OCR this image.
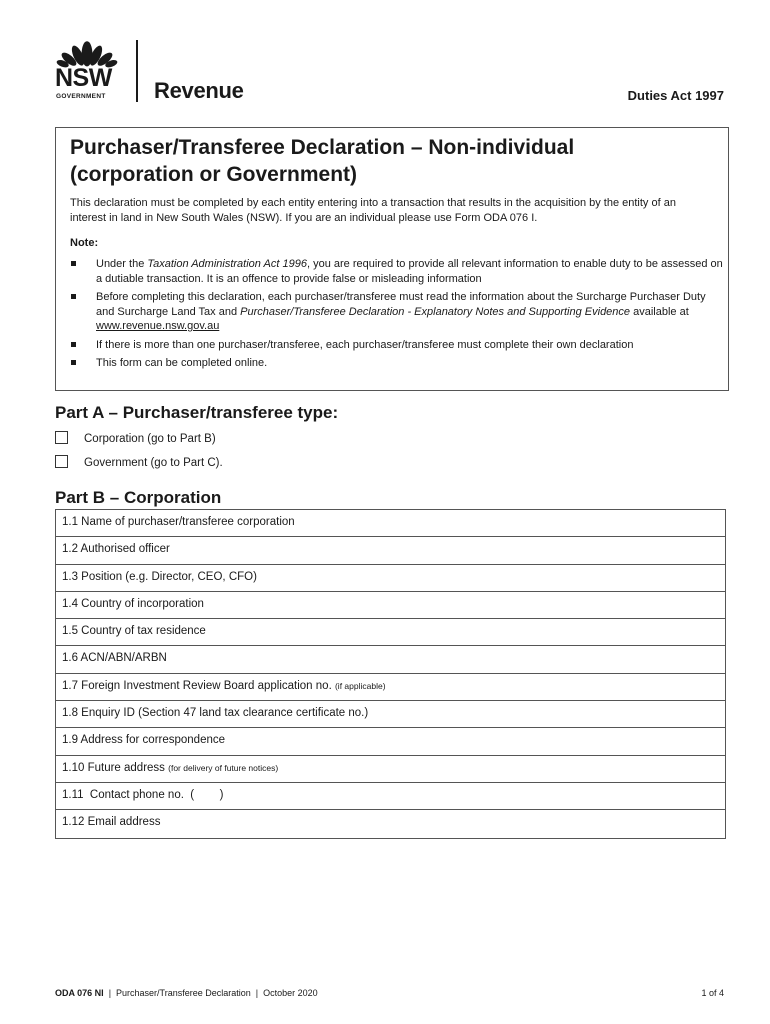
NSW
GOVERNMENT Revenue	Duties Act 1997
Purchaser/Transferee Declaration – Non-individual
(corporation or Government)
This declaration must be completed by each entity entering into a transaction that results in the acquisition by the entity of an interest in land in New South Wales (NSW). If you are an individual please use Form ODA 076 I.
Note:
Under the Taxation Administration Act 1996, you are required to provide all relevant information to enable duty to be assessed on a dutiable transaction. It is an offence to provide false or misleading information
Before completing this declaration, each purchaser/transferee must read the information about the Surcharge Purchaser Duty and Surcharge Land Tax and Purchaser/Transferee Declaration - Explanatory Notes and Supporting Evidence available at www.revenue.nsw.gov.au
If there is more than one purchaser/transferee, each purchaser/transferee must complete their own declaration
This form can be completed online.
Part A – Purchaser/transferee type:
Corporation (go to Part B)
Government (go to Part C).
Part B – Corporation
1.1 Name of purchaser/transferee corporation
1.2 Authorised officer
1.3 Position (e.g. Director, CEO, CFO)
1.4 Country of incorporation
1.5 Country of tax residence
1.6 ACN/ABN/ARBN
1.7 Foreign Investment Review Board application no. (if applicable)
1.8 Enquiry ID (Section 47 land tax clearance certificate no.)
1.9 Address for correspondence
1.10 Future address (for delivery of future notices)
1.11  Contact phone no.  (        )
1.12 Email address
ODA 076 NI  |  Purchaser/Transferee Declaration  |  October 2020	1 of 4
